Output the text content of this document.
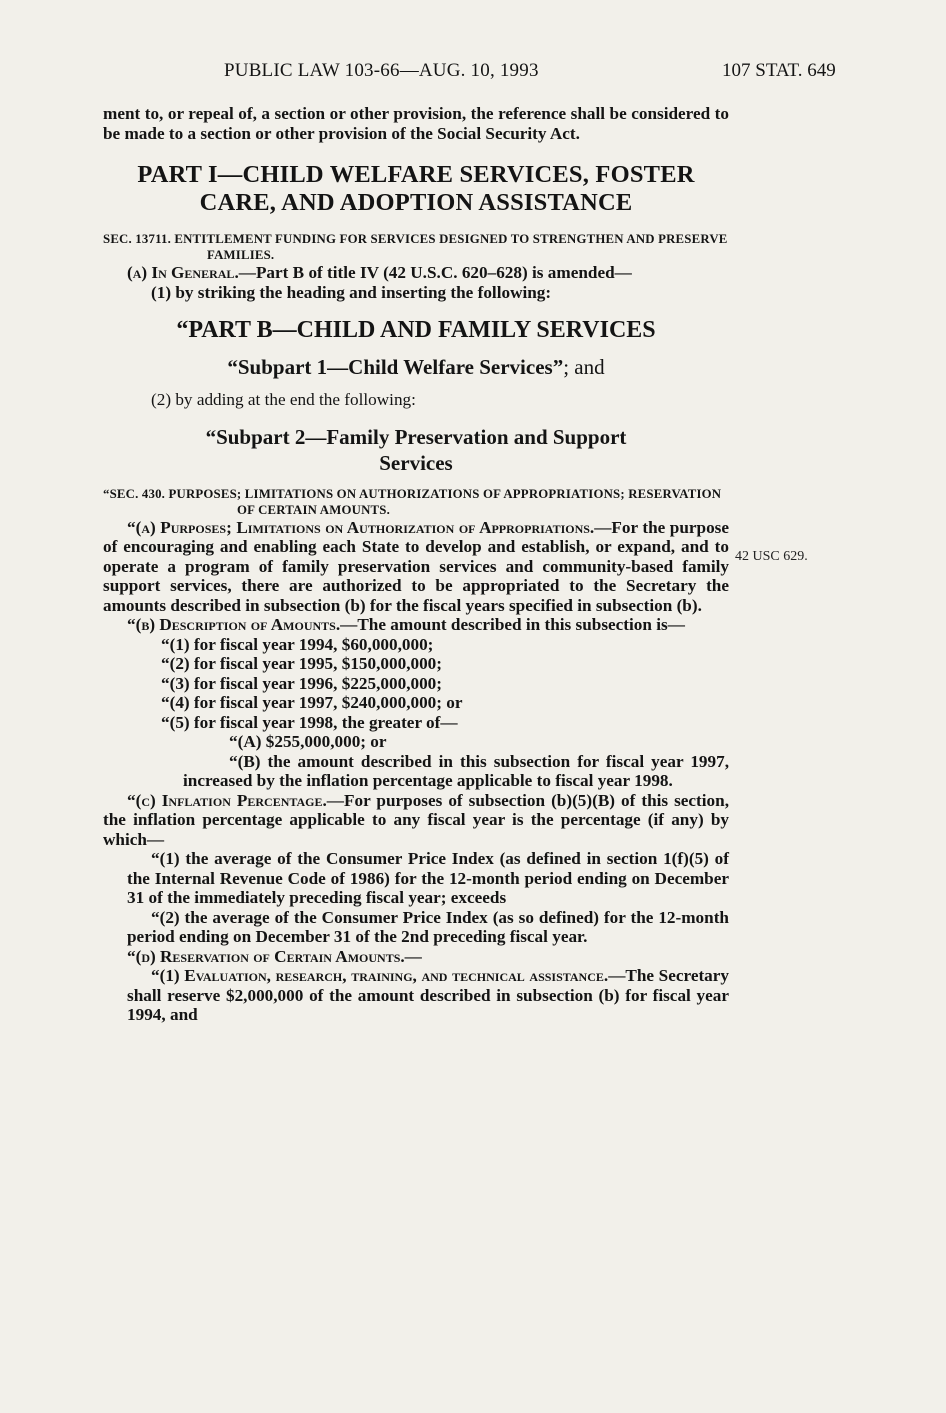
PUBLIC LAW 103-66—AUG. 10, 1993	107 STAT. 649
42 USC 629.

ment to, or repeal of, a section or other provision, the reference shall be considered to be made to a section or other provision of the Social Security Act.

PART I—CHILD WELFARE SERVICES, FOSTER
CARE, AND ADOPTION ASSISTANCE

SEC. 13711. ENTITLEMENT FUNDING FOR SERVICES DESIGNED TO STRENGTHEN AND PRESERVE FAMILIES.

(a) In General.—Part B of title IV (42 U.S.C. 620–628) is amended—

(1) by striking the heading and inserting the following:

“PART B—CHILD AND FAMILY SERVICES
“Subpart 1—Child Welfare Services”; and

(2) by adding at the end the following:

“Subpart 2—Family Preservation and Support
Services

“SEC. 430. PURPOSES; LIMITATIONS ON AUTHORIZATIONS OF APPROPRIATIONS; RESERVATION OF CERTAIN AMOUNTS.

“(a) Purposes; Limitations on Authorization of Appropriations.—For the purpose of encouraging and enabling each State to develop and establish, or expand, and to operate a program of family preservation services and community-based family support services, there are authorized to be appropriated to the Secretary the amounts described in subsection (b) for the fiscal years specified in subsection (b).

“(b) Description of Amounts.—The amount described in this subsection is—

“(1) for fiscal year 1994, $60,000,000;

“(2) for fiscal year 1995, $150,000,000;

“(3) for fiscal year 1996, $225,000,000;

“(4) for fiscal year 1997, $240,000,000; or

“(5) for fiscal year 1998, the greater of—

“(A) $255,000,000; or

“(B) the amount described in this subsection for fiscal year 1997, increased by the inflation percentage applicable to fiscal year 1998.

“(c) Inflation Percentage.—For purposes of subsection (b)(5)(B) of this section, the inflation percentage applicable to any fiscal year is the percentage (if any) by which—

“(1) the average of the Consumer Price Index (as defined in section 1(f)(5) of the Internal Revenue Code of 1986) for the 12-month period ending on December 31 of the immediately preceding fiscal year; exceeds

“(2) the average of the Consumer Price Index (as so defined) for the 12-month period ending on December 31 of the 2nd preceding fiscal year.

“(d) Reservation of Certain Amounts.—

“(1) Evaluation, research, training, and technical assistance.—The Secretary shall reserve $2,000,000 of the amount described in subsection (b) for fiscal year 1994, and
